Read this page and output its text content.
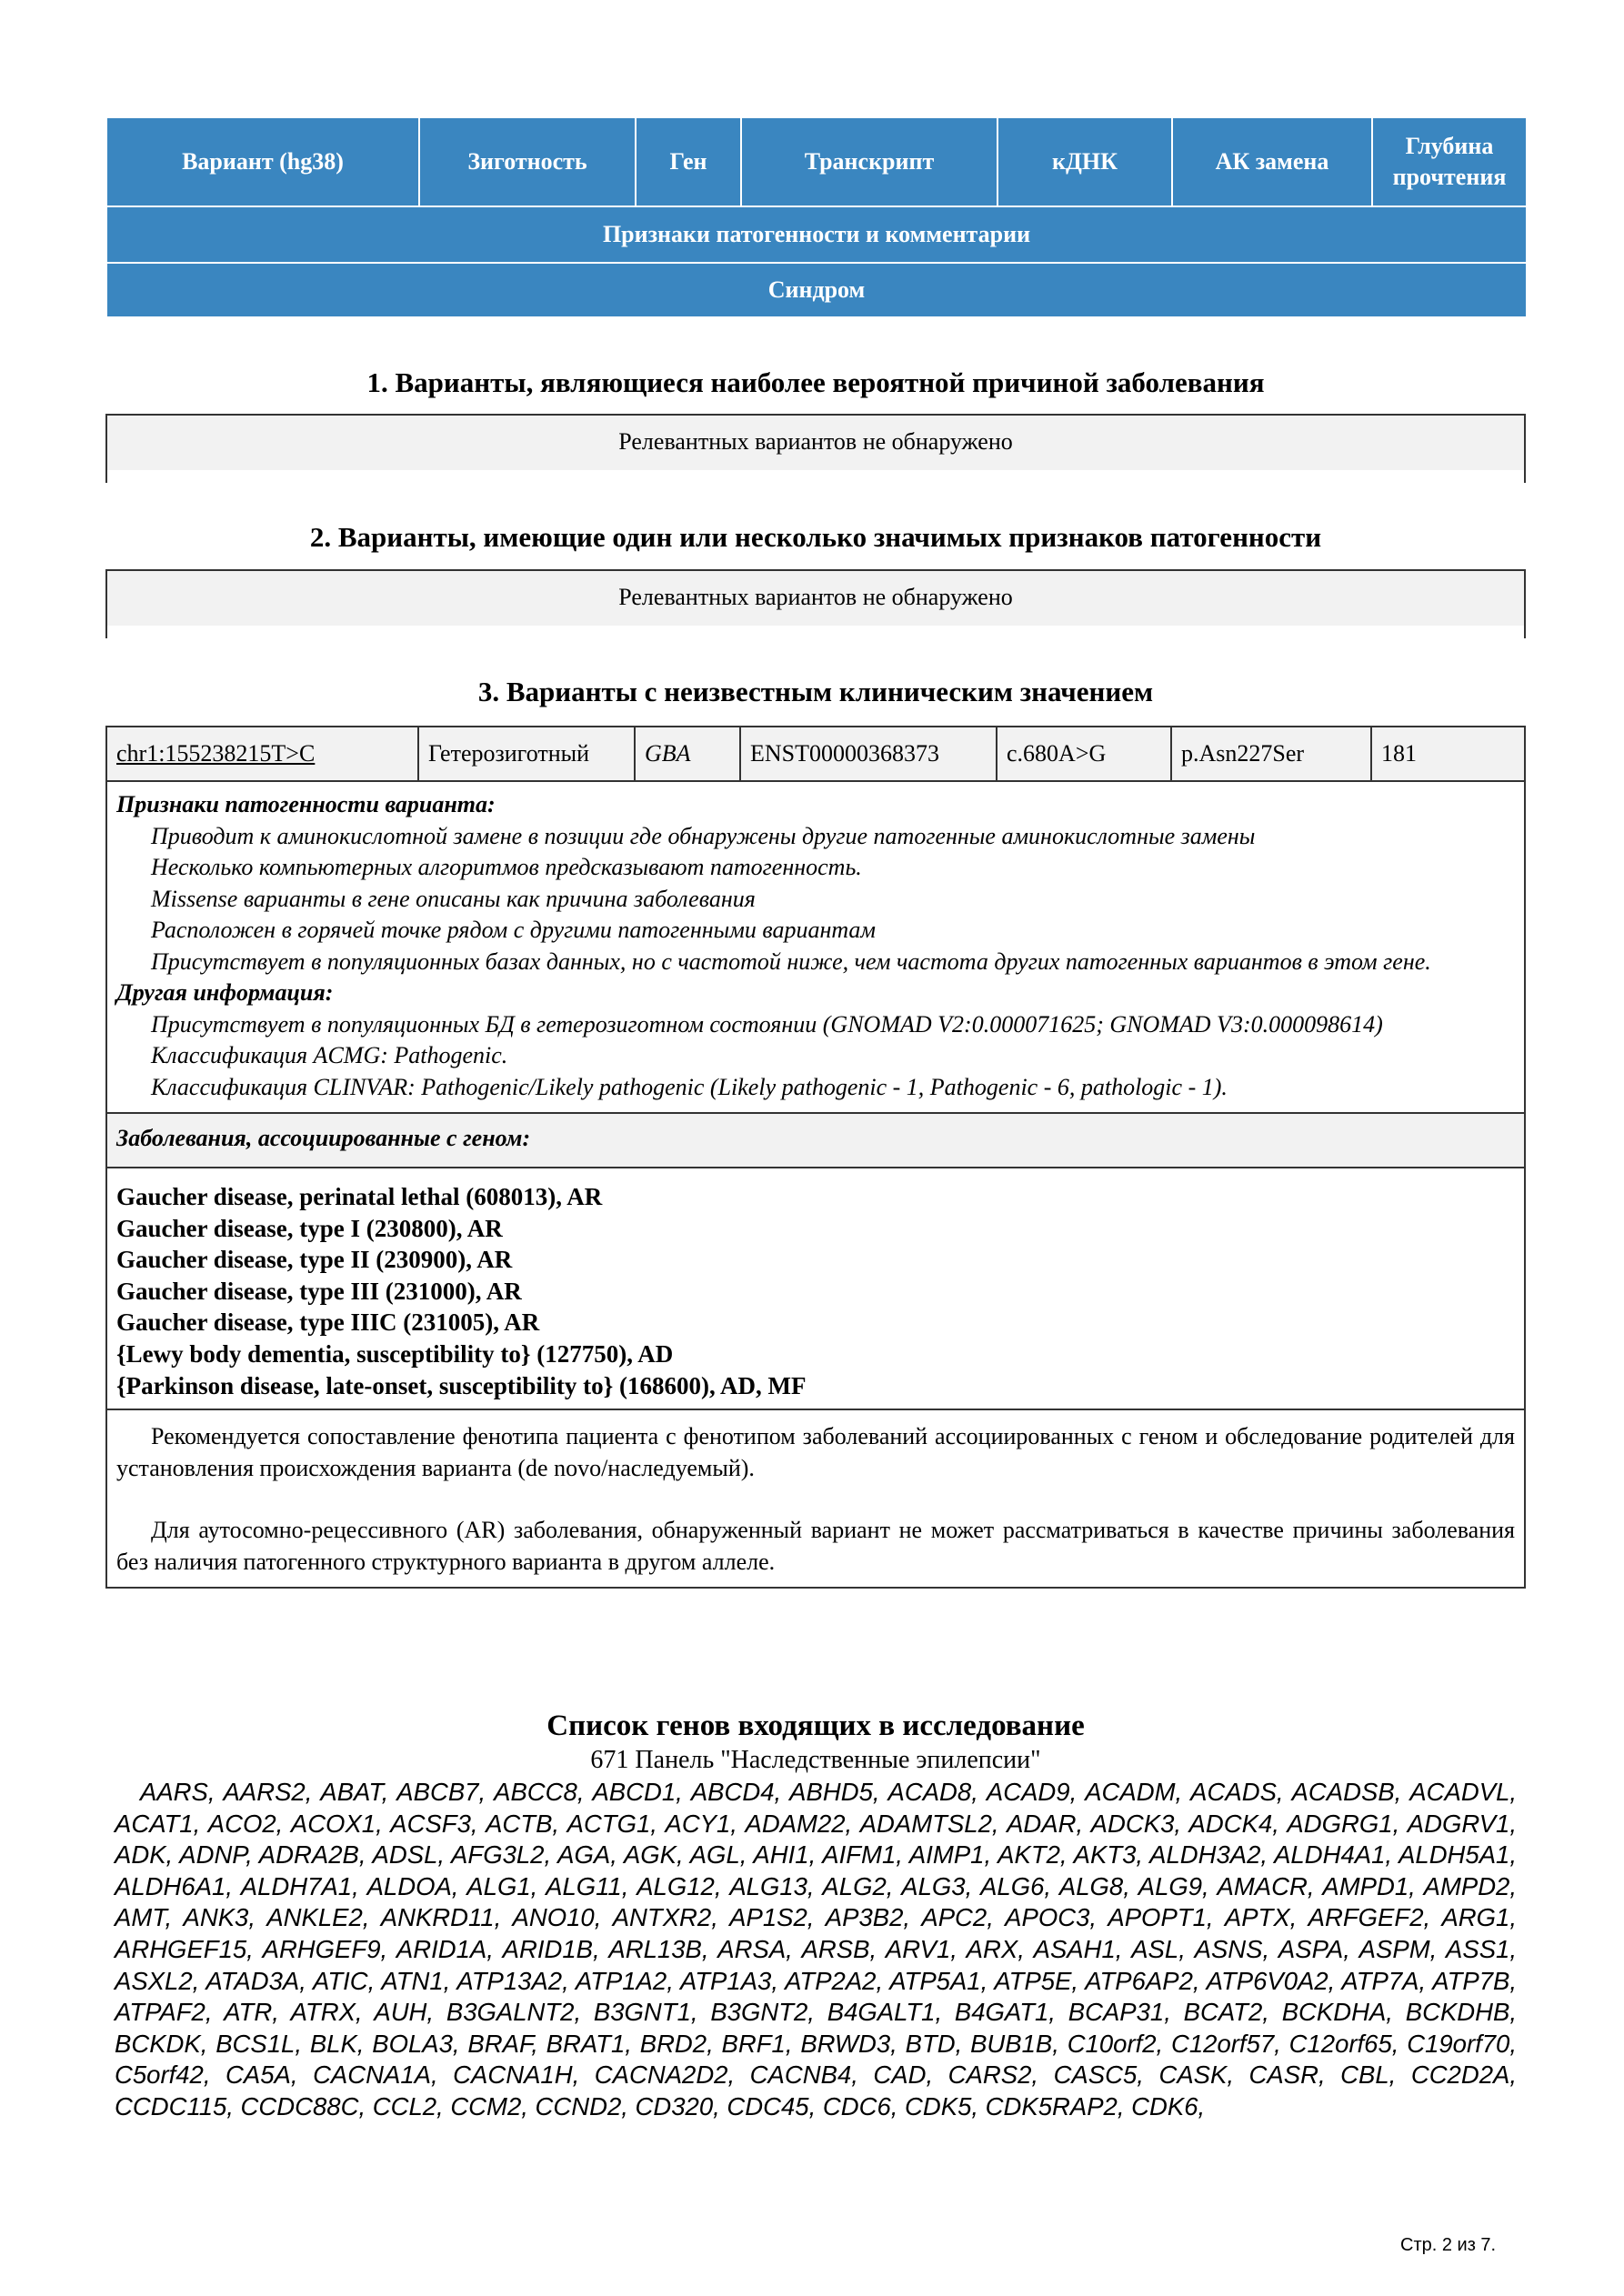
Вариант (hg38)	Зиготность	Ген	Транскрипт	кДНК	АК замена	Глубина прочтения
Признаки патогенности и комментарии
Синдром
1. Варианты, являющиеся наиболее вероятной причиной заболевания
Релевантных вариантов не обнаружено
2. Варианты, имеющие один или несколько значимых признаков патогенности
Релевантных вариантов не обнаружено
3. Варианты с неизвестным клиническим значением
chr1:155238215T>C	Гетерозиготный	GBA	ENST00000368373	c.680A>G	p.Asn227Ser	181
Признаки патогенности варианта:
Приводит к аминокислотной замене в позиции где обнаружены другие патогенные аминокислотные замены
Несколько компьютерных алгоритмов предсказывают патогенность.
Missense варианты в гене описаны как причина заболевания
Расположен в горячей точке рядом с другими патогенными вариантам
Присутствует в популяционных базах данных, но с частотой ниже, чем частота других патогенных вариантов в этом гене.
Другая информация:
Присутствует в популяционных БД в гетерозиготном состоянии (GNOMAD V2:0.000071625; GNOMAD V3:0.000098614)
Классификация ACMG: Pathogenic.
Классификация CLINVAR: Pathogenic/Likely pathogenic (Likely pathogenic - 1, Pathogenic - 6, pathologic - 1).
Заболевания, ассоциированные с геном:
Gaucher disease, perinatal lethal (608013), AR
Gaucher disease, type I (230800), AR
Gaucher disease, type II (230900), AR
Gaucher disease, type III (231000), AR
Gaucher disease, type IIIC (231005), AR
{Lewy body dementia, susceptibility to} (127750), AD
{Parkinson disease, late-onset, susceptibility to} (168600), AD, MF

Рекомендуется сопоставление фенотипа пациента с фенотипом заболеваний ассоциированных с геном и обследование родителей для установления происхождения варианта (de novo/наследуемый).

Для аутосомно-рецессивного (AR) заболевания, обнаруженный вариант не может рассматриваться в качестве причины заболевания без наличия патогенного структурного варианта в другом аллеле.

Список генов входящих в исследование
671 Панель "Наследственные эпилепсии"
AARS, AARS2, ABAT, ABCB7, ABCC8, ABCD1, ABCD4, ABHD5, ACAD8, ACAD9, ACADM, ACADS, ACADSB, ACADVL, ACAT1, ACO2, ACOX1, ACSF3, ACTB, ACTG1, ACY1, ADAM22, ADAMTSL2, ADAR, ADCK3, ADCK4, ADGRG1, ADGRV1, ADK, ADNP, ADRA2B, ADSL, AFG3L2, AGA, AGK, AGL, AHI1, AIFM1, AIMP1, AKT2, AKT3, ALDH3A2, ALDH4A1, ALDH5A1, ALDH6A1, ALDH7A1, ALDOA, ALG1, ALG11, ALG12, ALG13, ALG2, ALG3, ALG6, ALG8, ALG9, AMACR, AMPD1, AMPD2, AMT, ANK3, ANKLE2, ANKRD11, ANO10, ANTXR2, AP1S2, AP3B2, APC2, APOC3, APOPT1, APTX, ARFGEF2, ARG1, ARHGEF15, ARHGEF9, ARID1A, ARID1B, ARL13B, ARSA, ARSB, ARV1, ARX, ASAH1, ASL, ASNS, ASPA, ASPM, ASS1, ASXL2, ATAD3A, ATIC, ATN1, ATP13A2, ATP1A2, ATP1A3, ATP2A2, ATP5A1, ATP5E, ATP6AP2, ATP6V0A2, ATP7A, ATP7B, ATPAF2, ATR, ATRX, AUH, B3GALNT2, B3GNT1, B3GNT2, B4GALT1, B4GAT1, BCAP31, BCAT2, BCKDHA, BCKDHB, BCKDK, BCS1L, BLK, BOLA3, BRAF, BRAT1, BRD2, BRF1, BRWD3, BTD, BUB1B, C10orf2, C12orf57, C12orf65, C19orf70, C5orf42, CA5A, CACNA1A, CACNA1H, CACNA2D2, CACNB4, CAD, CARS2, CASC5, CASK, CASR, CBL, CC2D2A, CCDC115, CCDC88C, CCL2, CCM2, CCND2, CD320, CDC45, CDC6, CDK5, CDK5RAP2, CDK6,
Стр. 2 из 7.
